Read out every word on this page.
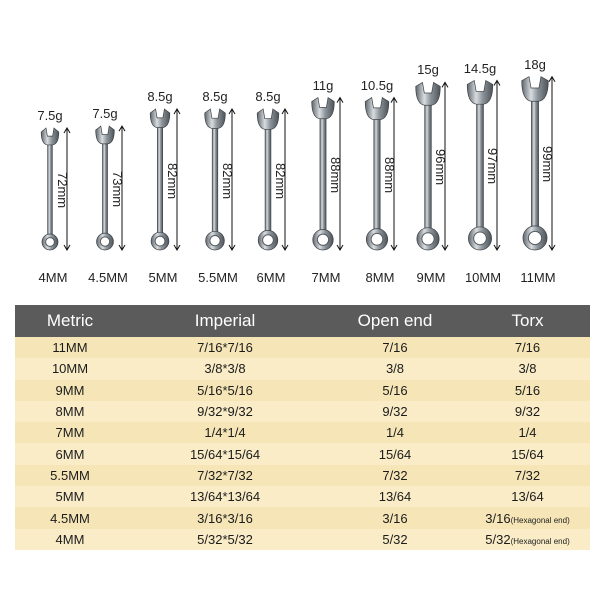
7.5g
72mm
4MM
7.5g
73mm
4.5MM
8.5g
82mm
5MM
8.5g
82mm
5.5MM
8.5g
82mm
6MM
11g
88mm
7MM
10.5g
88mm
8MM
15g
96mm
9MM
14.5g
97mm
10MM
18g
99mm
11MM
Metric	Imperial	Open end	Torx
11MM	7/16*7/16	7/16	7/16
10MM	3/8*3/8	3/8	3/8
9MM	5/16*5/16	5/16	5/16
8MM	9/32*9/32	9/32	9/32
7MM	1/4*1/4	1/4	1/4
6MM	15/64*15/64	15/64	15/64
5.5MM	7/32*7/32	7/32	7/32
5MM	13/64*13/64	13/64	13/64
4.5MM	3/16*3/16	3/16	3/16(Hexagonal end)
4MM	5/32*5/32	5/32	5/32(Hexagonal end)
